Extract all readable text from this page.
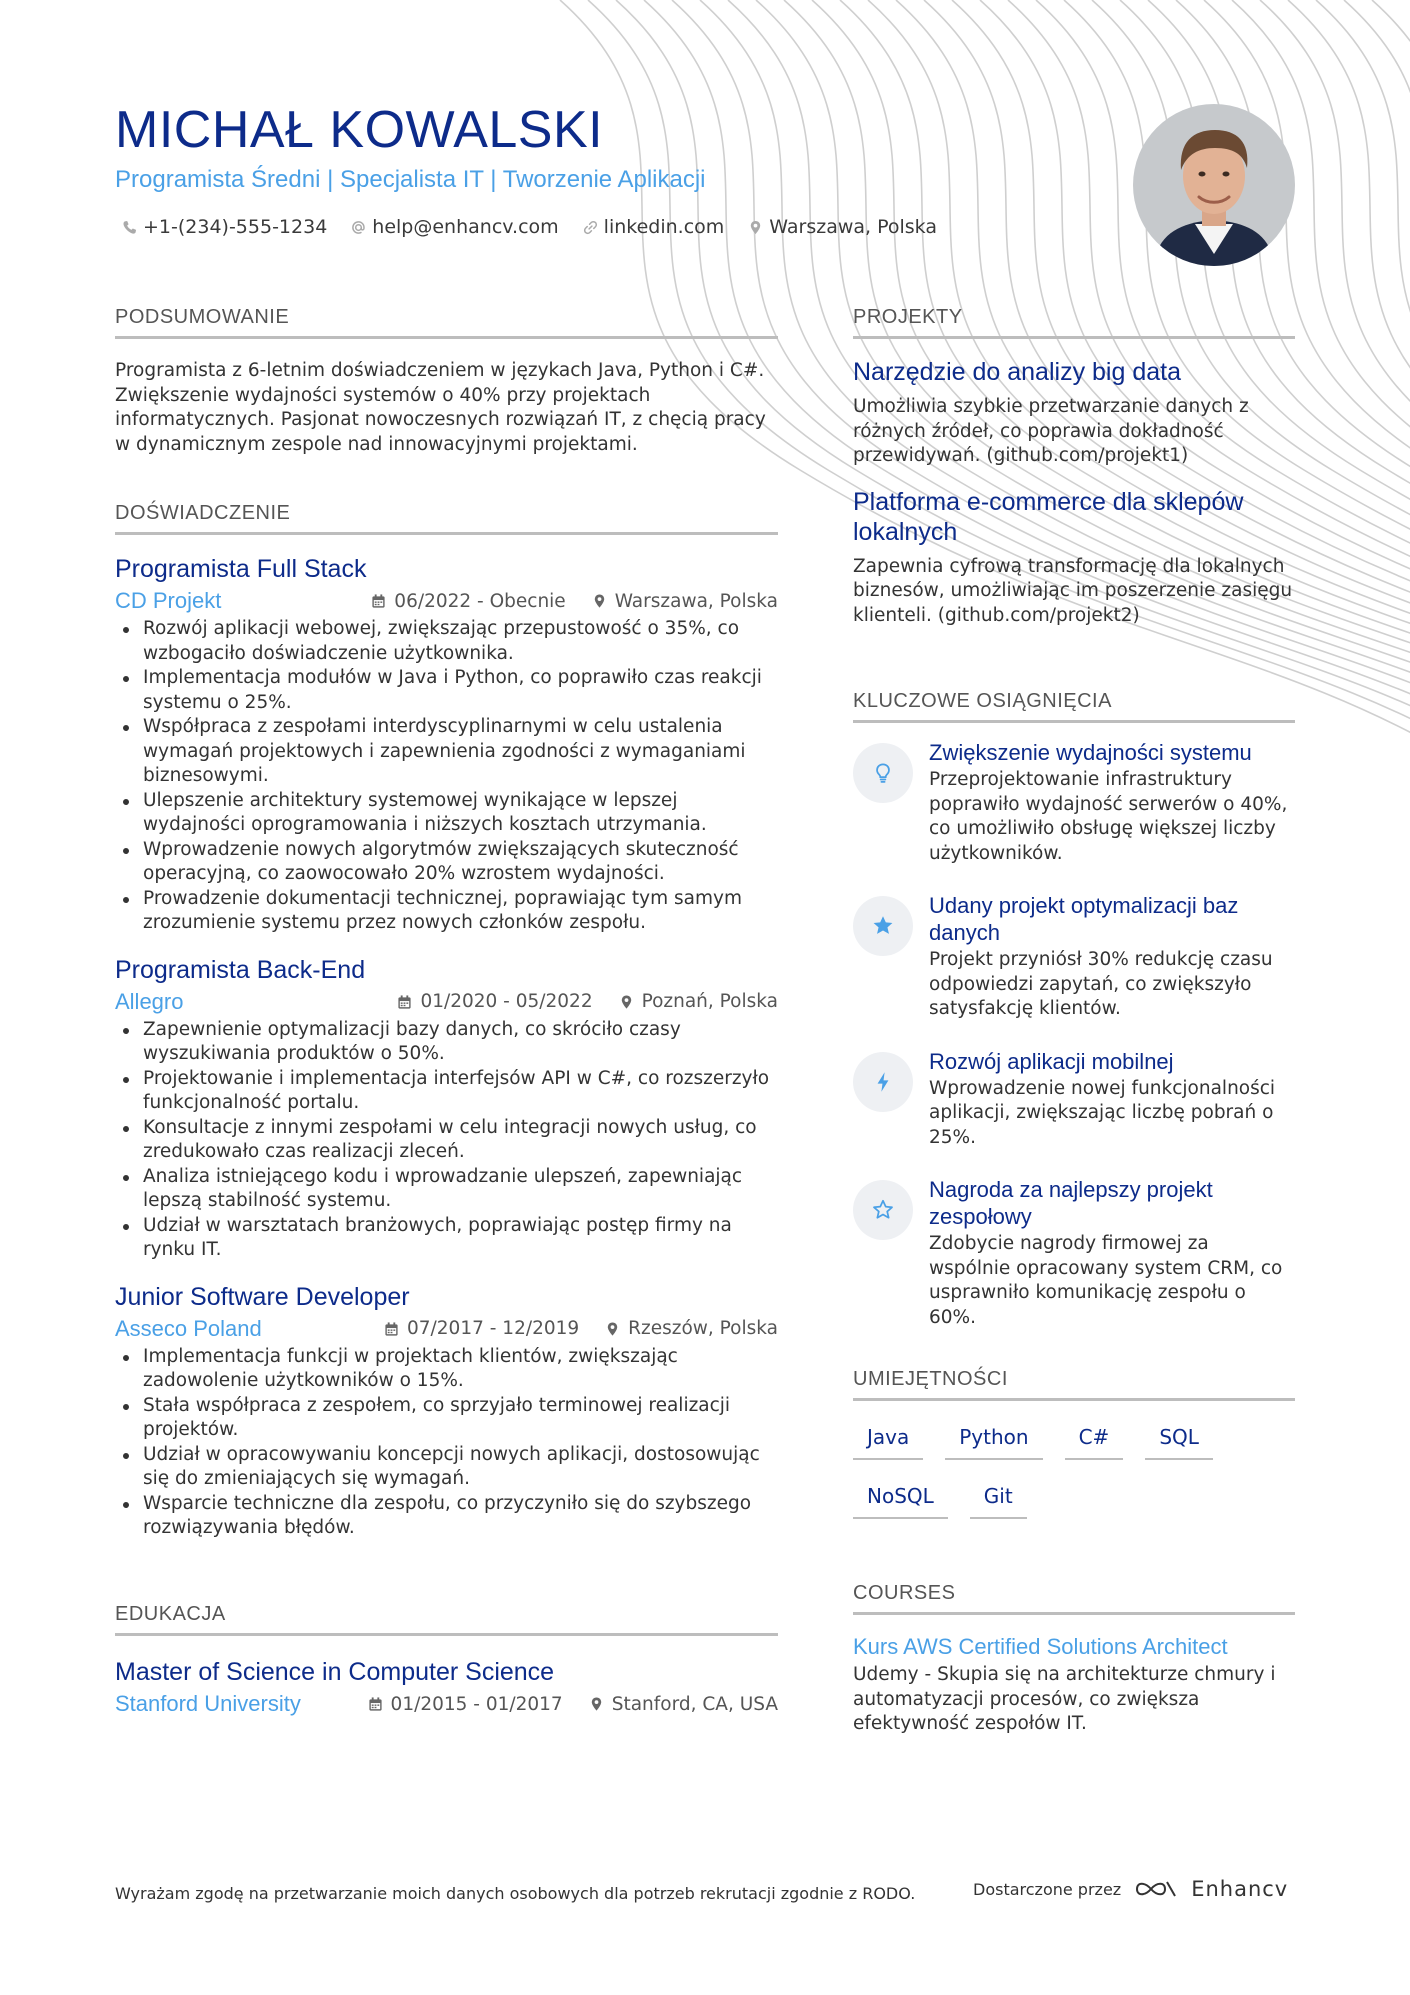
MICHAŁ KOWALSKI
Programista Średni | Specjalista IT | Tworzenie Aplikacji
+1-(234)-555-1234 help@enhancv.com linkedin.com Warszawa, Polska
PODSUMOWANIE
Programista z 6-letnim doświadczeniem w językach Java, Python i C#. Zwiększenie wydajności systemów o 40% przy projektach informatycznych. Pasjonat nowoczesnych rozwiązań IT, z chęcią pracy w dynamicznym zespole nad innowacyjnymi projektami.
DOŚWIADCZENIE
Programista Full Stack
CD Projekt	06/2022 - Obecnie	Warszawa, Polska
Rozwój aplikacji webowej, zwiększając przepustowość o 35%, co wzbogaciło doświadczenie użytkownika.
Implementacja modułów w Java i Python, co poprawiło czas reakcji systemu o 25%.
Współpraca z zespołami interdyscyplinarnymi w celu ustalenia wymagań projektowych i zapewnienia zgodności z wymaganiami biznesowymi.
Ulepszenie architektury systemowej wynikające w lepszej wydajności oprogramowania i niższych kosztach utrzymania.
Wprowadzenie nowych algorytmów zwiększających skuteczność operacyjną, co zaowocowało 20% wzrostem wydajności.
Prowadzenie dokumentacji technicznej, poprawiając tym samym zrozumienie systemu przez nowych członków zespołu.
Programista Back-End
Allegro	01/2020 - 05/2022	Poznań, Polska
Zapewnienie optymalizacji bazy danych, co skróciło czasy wyszukiwania produktów o 50%.
Projektowanie i implementacja interfejsów API w C#, co rozszerzyło funkcjonalność portalu.
Konsultacje z innymi zespołami w celu integracji nowych usług, co zredukowało czas realizacji zleceń.
Analiza istniejącego kodu i wprowadzanie ulepszeń, zapewniając lepszą stabilność systemu.
Udział w warsztatach branżowych, poprawiając postęp firmy na rynku IT.
Junior Software Developer
Asseco Poland	07/2017 - 12/2019	Rzeszów, Polska
Implementacja funkcji w projektach klientów, zwiększając zadowolenie użytkowników o 15%.
Stała współpraca z zespołem, co sprzyjało terminowej realizacji projektów.
Udział w opracowywaniu koncepcji nowych aplikacji, dostosowując się do zmieniających się wymagań.
Wsparcie techniczne dla zespołu, co przyczyniło się do szybszego rozwiązywania błędów.
EDUKACJA
Master of Science in Computer Science
Stanford University	01/2015 - 01/2017	Stanford, CA, USA
PROJEKTY
Narzędzie do analizy big data
Umożliwia szybkie przetwarzanie danych z różnych źródeł, co poprawia dokładność przewidywań. (github.com/projekt1)
Platforma e-commerce dla sklepów lokalnych
Zapewnia cyfrową transformację dla lokalnych biznesów, umożliwiając im poszerzenie zasięgu klienteli. (github.com/projekt2)
KLUCZOWE OSIĄGNIĘCIA
Zwiększenie wydajności systemu
Przeprojektowanie infrastruktury poprawiło wydajność serwerów o 40%, co umożliwiło obsługę większej liczby użytkowników.
Udany projekt optymalizacji baz danych
Projekt przyniósł 30% redukcję czasu odpowiedzi zapytań, co zwiększyło satysfakcję klientów.
Rozwój aplikacji mobilnej
Wprowadzenie nowej funkcjonalności aplikacji, zwiększając liczbę pobrań o 25%.
Nagroda za najlepszy projekt zespołowy
Zdobycie nagrody firmowej za wspólnie opracowany system CRM, co usprawniło komunikację zespołu o 60%.
UMIEJĘTNOŚCI
Java	Python	C#	SQL
NoSQL	Git
COURSES
Kurs AWS Certified Solutions Architect
Udemy - Skupia się na architekturze chmury i automatyzacji procesów, co zwiększa efektywność zespołów IT.
Wyrażam zgodę na przetwarzanie moich danych osobowych dla potrzeb rekrutacji zgodnie z RODO.	Dostarczone przez	Enhancv
